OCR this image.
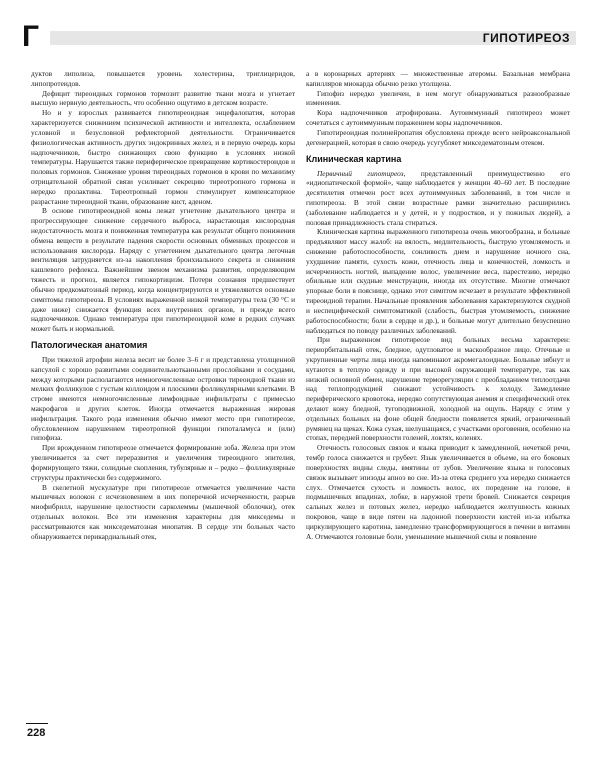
Г	ГИПОТИРЕОЗ

дуктов липолиза, повышается уровень холестерина, триглицеридов, липопротеидов.

Дефицит тиреоидных гормонов тормозит развитие ткани мозга и угнетает высшую нервную деятельность, что особенно ощутимо в детском возрасте.

Но и у взрослых развивается гипотиреоидная энцефалопатия, которая характеризуется снижением психической активности и интеллекта, ослаблением условной и безусловной рефлекторной деятельности. Ограничивается физиологическая активность других эндокринных желез, и в первую очередь коры надпочечников, быстро снижающих свою функцию в условиях низкой температуры. Нарушается также периферическое превращение кортикостероидов и половых гормонов. Снижение уровня тиреоидных гормонов в крови по механизму отрицательной обратной связи усиливает секрецию тиреотропного гормона и нередко пролактина. Тиреотропный гормон стимулирует компенсаторное разрастание тиреоидной ткани, образование кист, аденом.

В основе гипотиреоидной комы лежат угнетение дыхательного центра и прогрессирующее снижение сердечного выброса, нарастающая кислородная недостаточность мозга и пониженная температура как результат общего понижения обмена веществ в результате падения скорости основных обменных процессов и использования кислорода. Наряду с угнетением дыхательного центра легочная вентиляция затрудняется из-за накопления бронхиального секрета и снижения кашлевого рефлекса. Важнейшим звеном механизма развития, определяющим тяжесть и прогноз, является гипокортицизм. Потери сознания предшествует обычно предкоматозный период, когда концентрируются и утяжеляются основные симптомы гипотиреоза. В условиях выраженной низкой температуры тела (30 °C и даже ниже) снижается функция всех внутренних органов, и прежде всего надпочечников. Однако температура при гипотиреоидной коме в редких случаях может быть и нормальной.

Патологическая анатомия

При тяжелой атрофии железа весит не более 3–6 г и представлена утолщенной капсулой с хорошо развитыми соединительнотканными прослойками и сосудами, между которыми располагаются немногочисленные островки тиреоидной ткани из мелких фолликулов с густым коллоидом и плоскими фолликулярными клетками. В строме имеются немногочисленные лимфоидные инфильтраты с примесью макрофагов и других клеток. Иногда отмечается выраженная жировая инфильтрация. Такого рода изменения обычно имеют место при гипотиреозе, обусловленном нарушением тиреотропной функции гипоталамуса и (или) гипофиза.

При врожденном гипотиреозе отмечается формирование зоба. Железа при этом увеличивается за счет переразвития и увеличения тиреоидного эпителия, формирующего тяжи, солидные скопления, тубулярные и – редко – фолликулярные структуры практически без содержимого.

В скелетной мускулатуре при гипотиреозе отмечается увеличение части мышечных волокон с исчезновением в них поперечной исчерченности, разрыв миофибрилл, нарушение целостности сарколеммы (мышечной оболочки), отек отдельных волокон. Все эти изменения характерны для микседемы и рассматриваются как микседематозная миопатия. В сердце эти больных часто обнаруживается перикардиальный отек,

а в коронарных артериях — множественные атеромы. Базальная мембрана капилляров миокарда обычно резко утолщена.

Гипофиз нередко увеличен, в нем могут обнаруживаться разнообразные изменения.

Кора надпочечников атрофирована. Аутоиммунный гипотиреоз может сочетаться с аутоиммунным поражением коры надпочечников.

Гипотиреоидная полинейропатия обусловлена прежде всего нейроаксональной дегенерацией, которая в свою очередь усугубляет микседематозным отеком.

Клиническая картина

Первичный гипотиреоз, представленный преимущественно его «идиопатической формой», чаще наблюдается у женщин 40–60 лет. В последние десятилетия отмечен рост всех аутоиммунных заболеваний, в том числе и гипотиреоза. В этой связи возрастные рамки значительно расширились (заболевание наблюдается и у детей, и у подростков, и у пожилых людей), а половая принадлежность стала стираться.

Клиническая картина выраженного гипотиреоза очень многообразна, и больные предъявляют массу жалоб: на вялость, медлительность, быструю утомляемость и снижение работоспособности, сонливость днем и нарушение ночного сна, ухудшение памяти, сухость кожи, отечность лица и конечностей, ломкость и исчерченность ногтей, выпадение волос, увеличение веса, парестезию, нередко обильные или скудные менструации, иногда их отсутствие. Многие отмечают упорные боли в пояснице, однако этот симптом исчезает в результате эффективной тиреоидной терапии. Начальные проявления заболевания характеризуются скудной и неспецифической симптоматикой (слабость, быстрая утомляемость, снижение работоспособности; боли в сердце и др.), и больные могут длительно безуспешно наблюдаться по поводу различных заболеваний.

При выраженном гипотиреозе вид больных весьма характерен: периорбитальный отек, бледное, одутловатое и маскообразное лицо. Отечные и укрупненные черты лица иногда напоминают акромегалоидные. Больные зябнут и кутаются в теплую одежду и при высокой окружающей температуре, так как низкий основной обмен, нарушение терморегуляции с преобладанием теплоотдачи над теплопродукцией снижают устойчивость к холоду. Замедление периферического кровотока, нередко сопутствующая анемия и специфический отек делают кожу бледной, тугоподвижной, холодной на ощупь. Наряду с этим у отдельных больных на фоне общей бледности появляется яркий, ограниченный румянец на щеках. Кожа сухая, шелушащаяся, с участками ороговения, особенно на стопах, передней поверхности голеней, локтях, коленях.

Отечность голосовых связок и языка приводит к замедленной, нечеткой речи, тембр голоса снижается и грубеет. Язык увеличивается в объеме, на его боковых поверхностях видны следы, вмятины от зубов. Увеличение языка и голосовых связок вызывает эпизоды апноэ во сне. Из-за отека среднего уха нередко снижается слух. Отмечается сухость и ломкость волос, их поредение на голове, в подмышечных впадинах, лобке, в наружной трети бровей. Снижается секреция сальных желез и потовых желез, нередко наблюдается желтушность кожных покровов, чаще в виде пятен на ладонной поверхности кистей из-за избытка циркулирующего каротина, замедленно трансформирующегося в печени в витамин А. Отмечаются головные боли, уменьшение мышечной силы и появление

228
